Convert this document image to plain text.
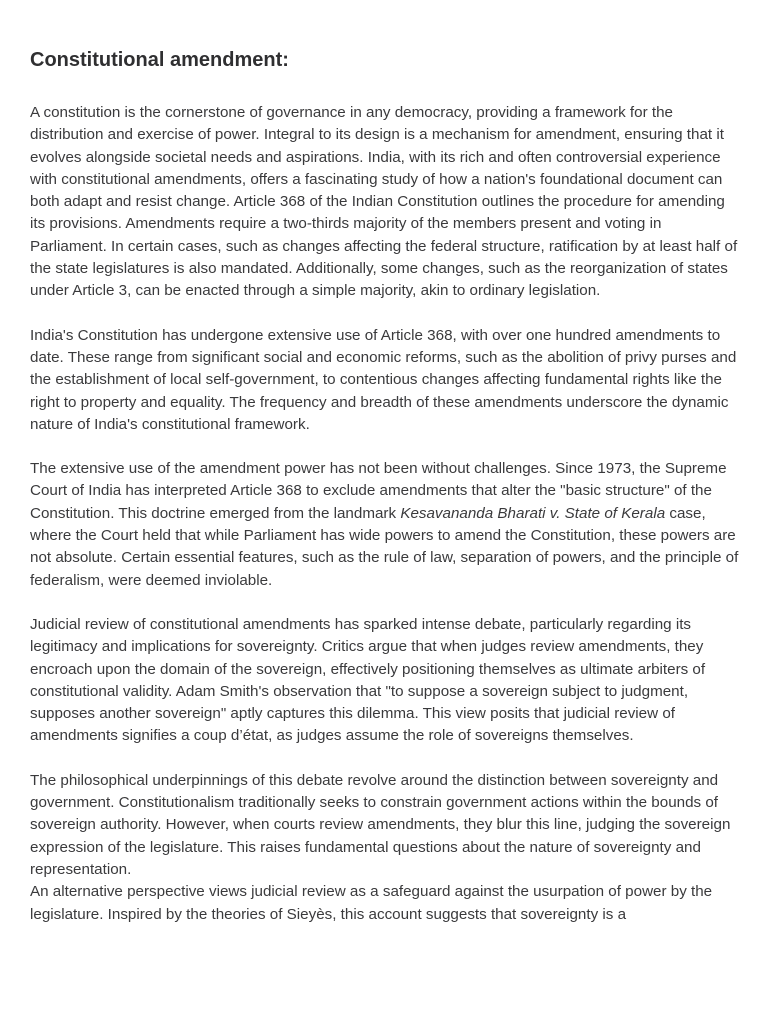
Constitutional amendment:

A constitution is the cornerstone of governance in any democracy, providing a framework for the distribution and exercise of power. Integral to its design is a mechanism for amendment, ensuring that it evolves alongside societal needs and aspirations. India, with its rich and often controversial experience with constitutional amendments, offers a fascinating study of how a nation's foundational document can both adapt and resist change. Article 368 of the Indian Constitution outlines the procedure for amending its provisions. Amendments require a two-thirds majority of the members present and voting in Parliament. In certain cases, such as changes affecting the federal structure, ratification by at least half of the state legislatures is also mandated. Additionally, some changes, such as the reorganization of states under Article 3, can be enacted through a simple majority, akin to ordinary legislation.

India's Constitution has undergone extensive use of Article 368, with over one hundred amendments to date. These range from significant social and economic reforms, such as the abolition of privy purses and the establishment of local self-government, to contentious changes affecting fundamental rights like the right to property and equality. The frequency and breadth of these amendments underscore the dynamic nature of India's constitutional framework.

The extensive use of the amendment power has not been without challenges. Since 1973, the Supreme Court of India has interpreted Article 368 to exclude amendments that alter the "basic structure" of the Constitution. This doctrine emerged from the landmark Kesavananda Bharati v. State of Kerala case, where the Court held that while Parliament has wide powers to amend the Constitution, these powers are not absolute. Certain essential features, such as the rule of law, separation of powers, and the principle of federalism, were deemed inviolable.

Judicial review of constitutional amendments has sparked intense debate, particularly regarding its legitimacy and implications for sovereignty. Critics argue that when judges review amendments, they encroach upon the domain of the sovereign, effectively positioning themselves as ultimate arbiters of constitutional validity. Adam Smith's observation that "to suppose a sovereign subject to judgment, supposes another sovereign" aptly captures this dilemma. This view posits that judicial review of amendments signifies a coup d’état, as judges assume the role of sovereigns themselves.

The philosophical underpinnings of this debate revolve around the distinction between sovereignty and government. Constitutionalism traditionally seeks to constrain government actions within the bounds of sovereign authority. However, when courts review amendments, they blur this line, judging the sovereign expression of the legislature. This raises fundamental questions about the nature of sovereignty and representation.

An alternative perspective views judicial review as a safeguard against the usurpation of power by the legislature. Inspired by the theories of Sieyès, this account suggests that sovereignty is a
